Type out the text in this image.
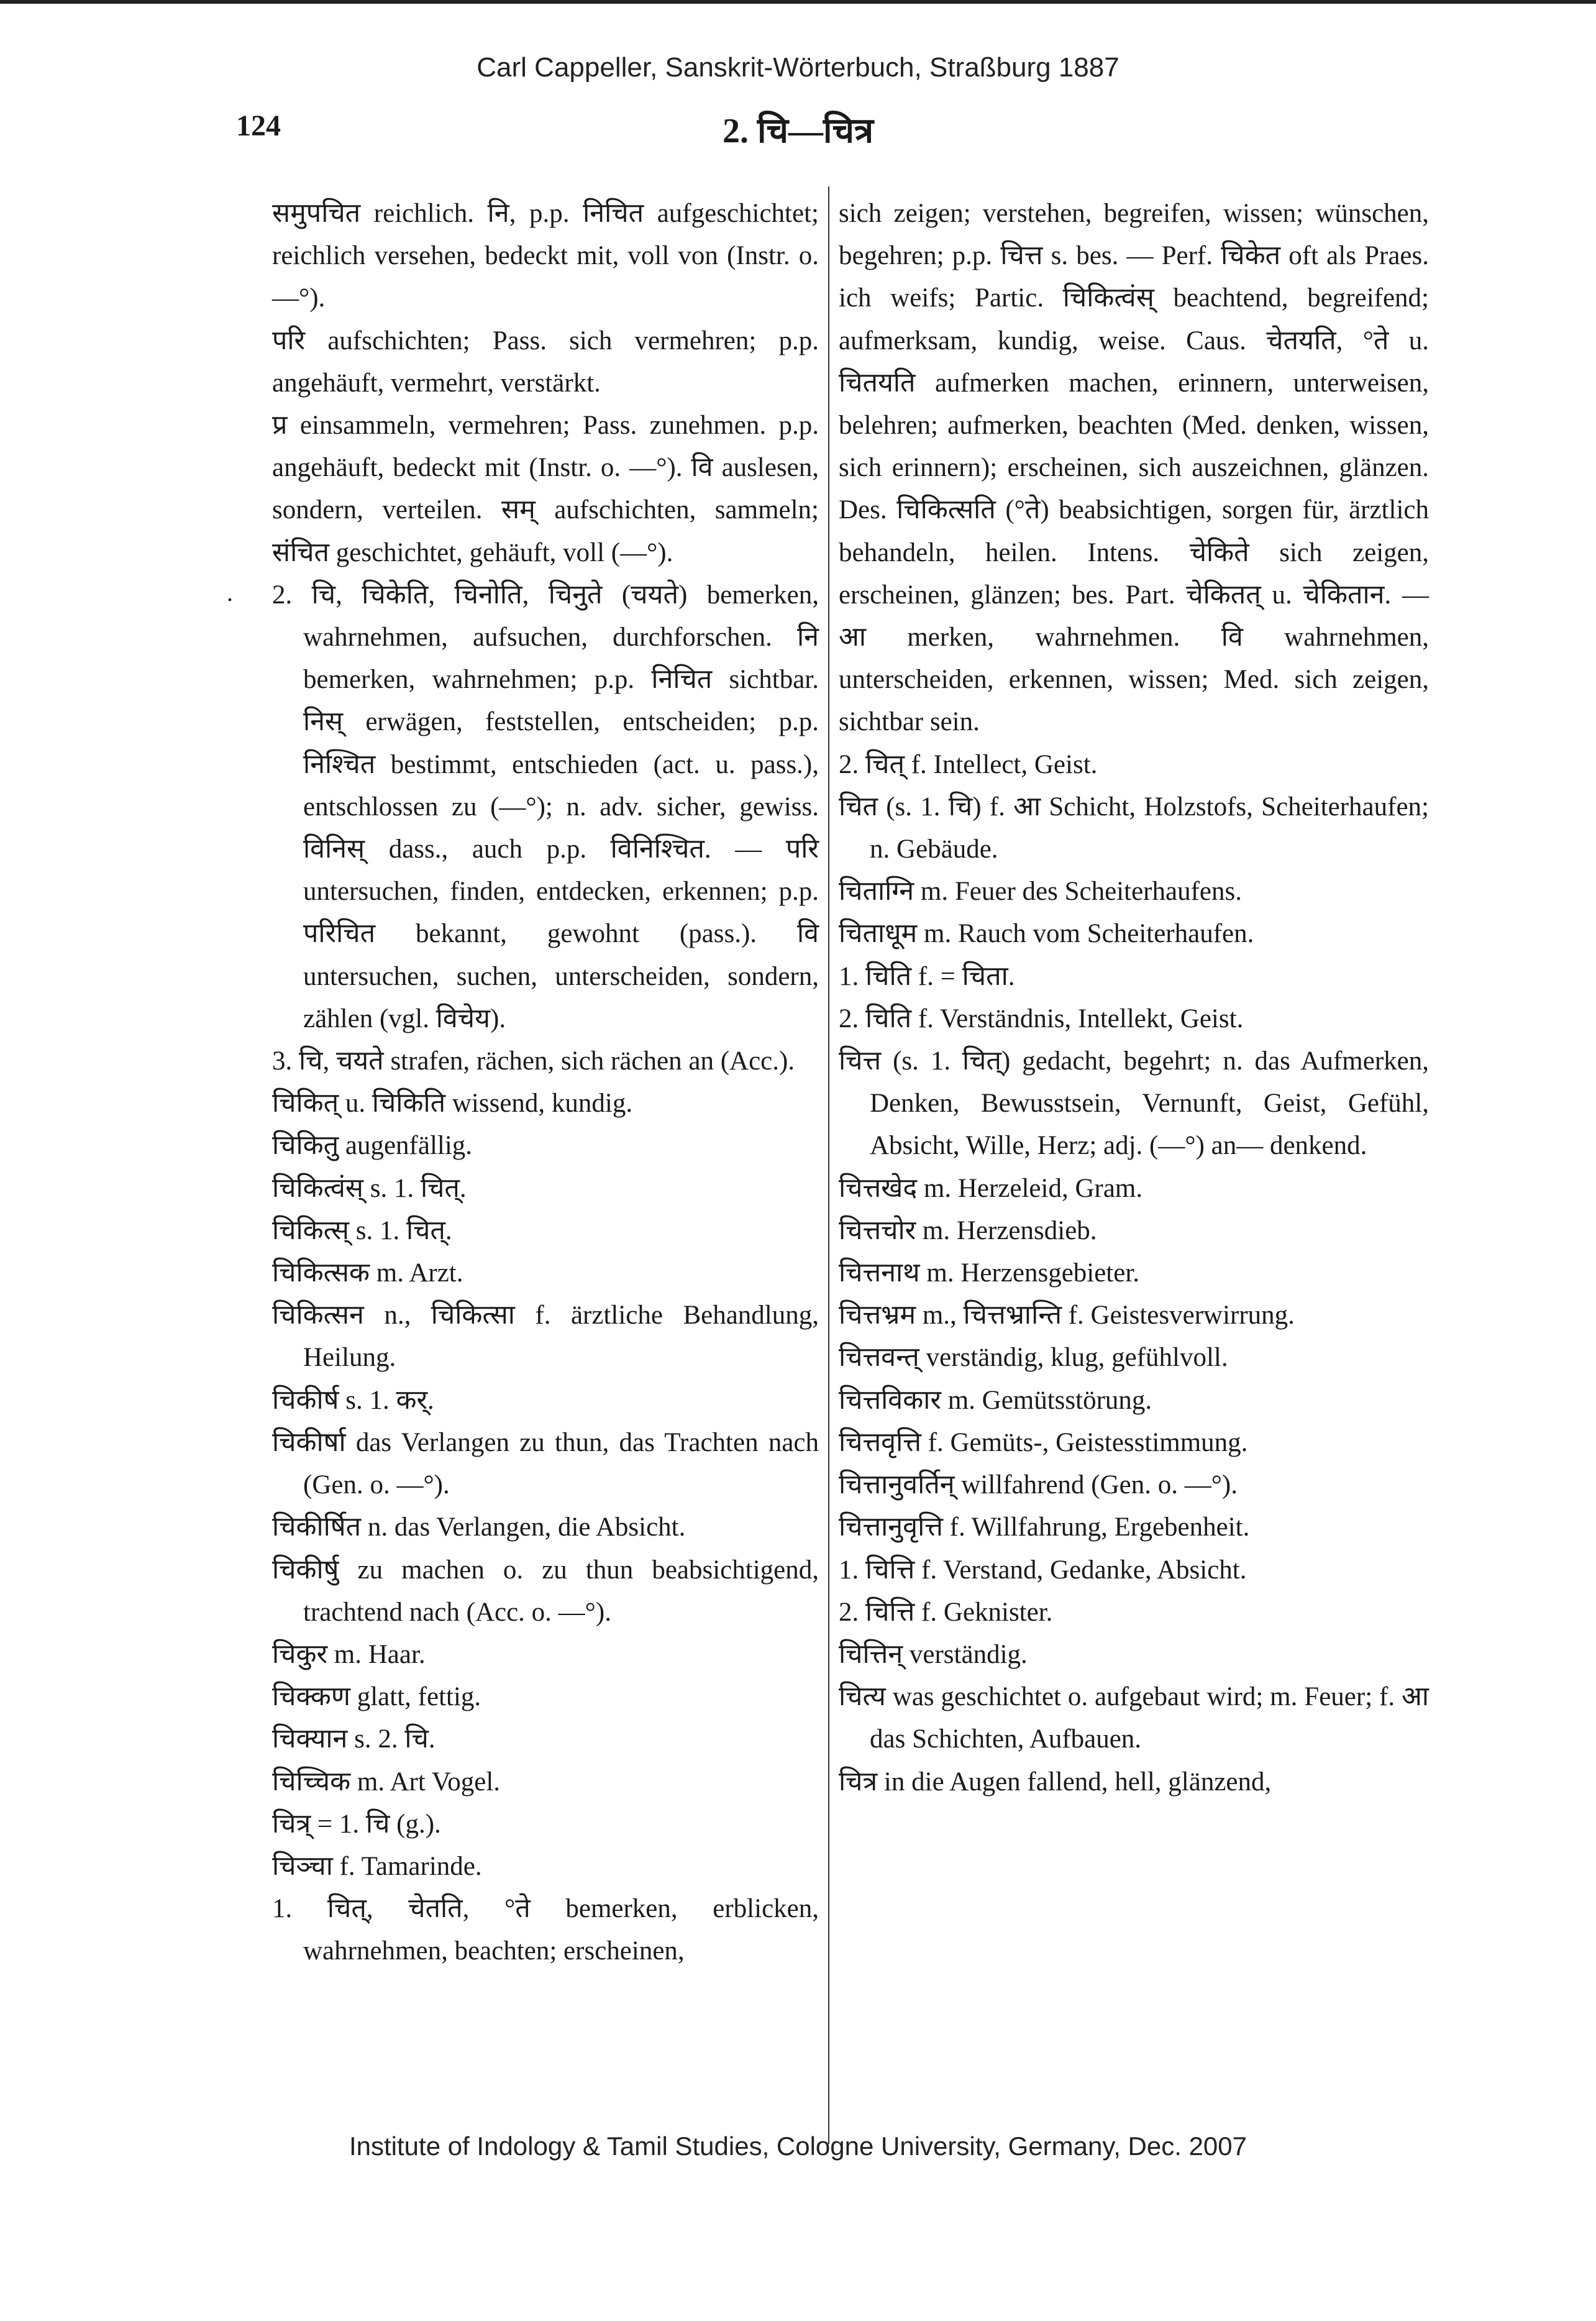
Carl Cappeller, Sanskrit-Wörterbuch, Straßburg 1887
124	2. चि—चित्र
.

समुपचित reichlich. नि, p.p. निचित aufgeschichtet; reichlich versehen, bedeckt mit, voll von (Instr. o. —°).

परि aufschichten; Pass. sich vermehren; p.p. angehäuft, vermehrt, verstärkt.

प्र einsammeln, vermehren; Pass. zunehmen. p.p. angehäuft, bedeckt mit (Instr. o. —°). वि auslesen, sondern, verteilen. सम् aufschichten, sammeln; संचित geschichtet, gehäuft, voll (—°).

2. चि, चिकेति, चिनोति, चिनुते (चयते) bemerken, wahrnehmen, aufsuchen, durchforschen. नि bemerken, wahrnehmen; p.p. निचित sichtbar. निस् erwägen, feststellen, entscheiden; p.p. निश्चित bestimmt, entschieden (act. u. pass.), entschlossen zu (—°); n. adv. sicher, gewiss. विनिस् dass., auch p.p. विनिश्चित. — परि untersuchen, finden, entdecken, erkennen; p.p. परिचित bekannt, gewohnt (pass.). वि untersuchen, suchen, unterscheiden, sondern, zählen (vgl. विचेय).

3. चि, चयते strafen, rächen, sich rächen an (Acc.).

चिकित् u. चिकिति wissend, kundig.

चिकितु augenfällig.

चिकित्वंस् s. 1. चित्.

चिकित्स् s. 1. चित्.

चिकित्सक m. Arzt.

चिकित्सन n., चिकित्सा f. ärztliche Behandlung, Heilung.

चिकीर्ष s. 1. कर्.

चिकीर्षा das Verlangen zu thun, das Trachten nach (Gen. o. —°).

चिकीर्षित n. das Verlangen, die Absicht.

चिकीर्षु zu machen o. zu thun beabsichtigend, trachtend nach (Acc. o. —°).

चिकुर m. Haar.

चिक्कण glatt, fettig.

चिक्यान s. 2. चि.

चिच्चिक m. Art Vogel.

चित्र् = 1. चि (g.).

चिञ्चा f. Tamarinde.

1. चित्, चेतति, °ते bemerken, erblicken, wahrnehmen, beachten; erscheinen,

sich zeigen; verstehen, begreifen, wissen; wünschen, begehren; p.p. चित्त s. bes. — Perf. चिकेत oft als Praes. ich weifs; Partic. चिकित्वंस् beachtend, begreifend; aufmerksam, kundig, weise. Caus. चेतयति, °ते u. चितयति aufmerken machen, erinnern, unterweisen, belehren; aufmerken, beachten (Med. denken, wissen, sich erinnern); erscheinen, sich auszeichnen, glänzen. Des. चिकित्सति (°ते) beabsichtigen, sorgen für, ärztlich behandeln, heilen. Intens. चेकिते sich zeigen, erscheinen, glänzen; bes. Part. चेकितत् u. चेकितान. — आ merken, wahrnehmen. वि wahrnehmen, unterscheiden, erkennen, wissen; Med. sich zeigen, sichtbar sein.

2. चित् f. Intellect, Geist.

चित (s. 1. चि) f. आ Schicht, Holzstofs, Scheiterhaufen; n. Gebäude.

चिताग्नि m. Feuer des Scheiterhaufens.

चिताधूम m. Rauch vom Scheiterhaufen.

1. चिति f. = चिता.

2. चिति f. Verständnis, Intellekt, Geist.

चित्त (s. 1. चित्) gedacht, begehrt; n. das Aufmerken, Denken, Bewusstsein, Vernunft, Geist, Gefühl, Absicht, Wille, Herz; adj. (—°) an— denkend.

चित्तखेद m. Herzeleid, Gram.

चित्तचोर m. Herzensdieb.

चित्तनाथ m. Herzensgebieter.

चित्तभ्रम m., चित्तभ्रान्ति f. Geistesverwirrung.

चित्तवन्त् verständig, klug, gefühlvoll.

चित्तविकार m. Gemütsstörung.

चित्तवृत्ति f. Gemüts-, Geistesstimmung.

चित्तानुवर्तिन् willfahrend (Gen. o. —°).

चित्तानुवृत्ति f. Willfahrung, Ergebenheit.

1. चित्ति f. Verstand, Gedanke, Absicht.

2. चित्ति f. Geknister.

चित्तिन् verständig.

चित्य was geschichtet o. aufgebaut wird; m. Feuer; f. आ das Schichten, Aufbauen.

चित्र in die Augen fallend, hell, glänzend,

Institute of Indology & Tamil Studies, Cologne University, Germany, Dec. 2007
